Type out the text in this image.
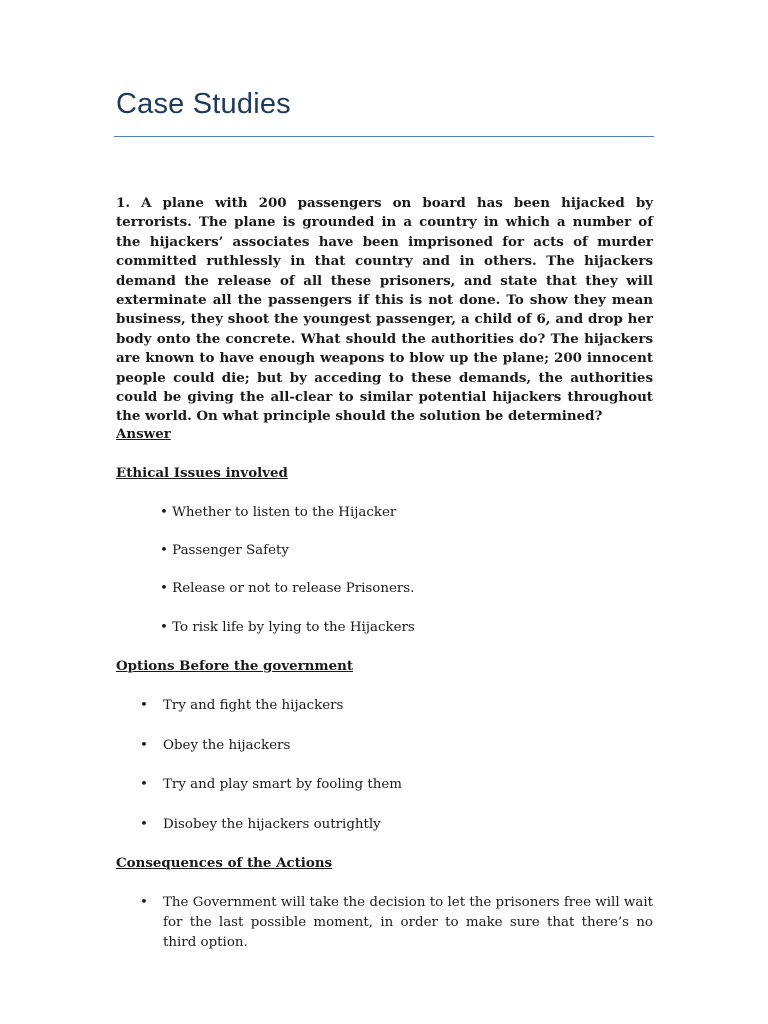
Case Studies

1. A plane with 200 passengers on board has been hijacked by terrorists. The plane is grounded in a country in which a number of the hijackers’ associates have been imprisoned for acts of murder committed ruthlessly in that country and in others. The hijackers demand the release of all these prisoners, and state that they will exterminate all the passengers if this is not done. To show they mean business, they shoot the youngest passenger, a child of 6, and drop her body onto the concrete. What should the authorities do? The hijackers are known to have enough weapons to blow up the plane; 200 innocent people could die; but by acceding to these demands, the authorities could be giving the all-clear to similar potential hijackers throughout the world. On what principle should the solution be determined?

Answer

Ethical Issues involved

• Whether to listen to the Hijacker

• Passenger Safety

• Release or not to release Prisoners.

• To risk life by lying to the Hijackers

Options Before the government

• Try and fight the hijackers
• Obey the hijackers
• Try and play smart by fooling them
• Disobey the hijackers outrightly

Consequences of the Actions

• The Government will take the decision to let the prisoners free will wait for the last possible moment, in order to make sure that there’s no third option.
